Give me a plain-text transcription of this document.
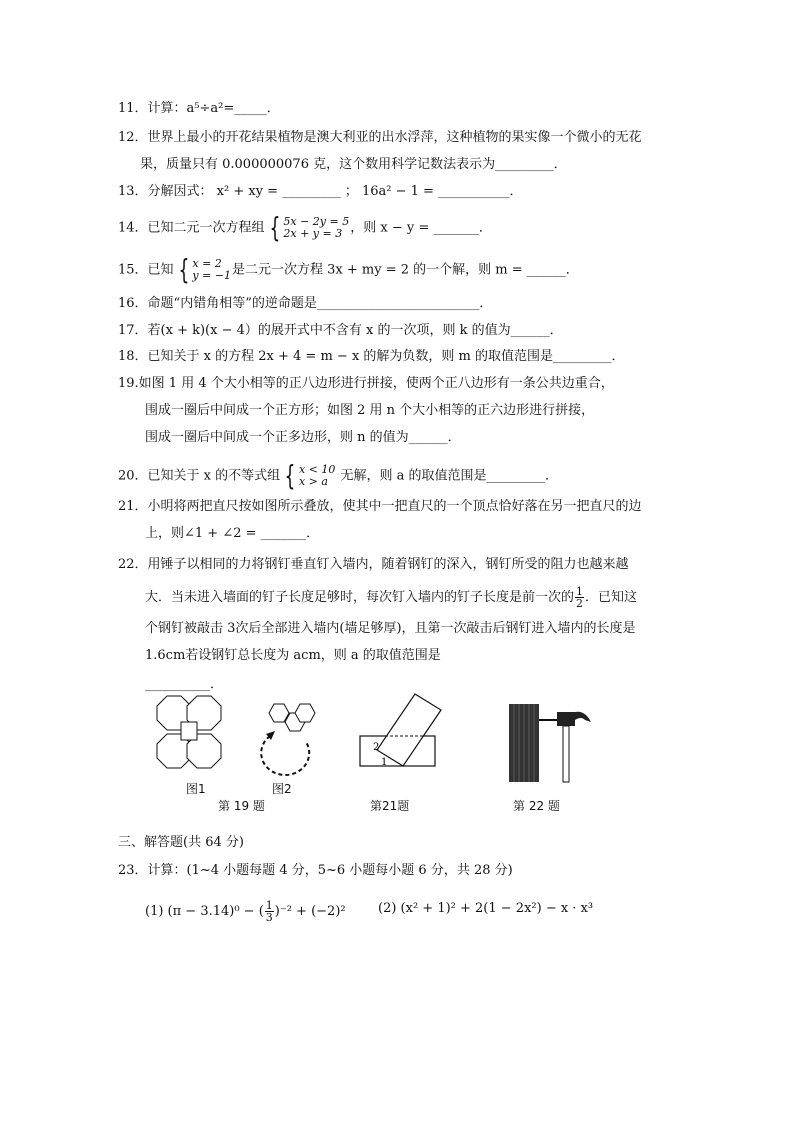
11．计算：a⁵÷a²=_____．
12．世界上最小的开花结果植物是澳大利亚的出水浮萍，这种植物的果实像一个微小的无花
果，质量只有 0.000000076 克，这个数用科学记数法表示为_________．
13．分解因式： x² + xy = _________ ； 16a² − 1 = ___________．
14．已知二元一次方程组 { 5x − 2y = 5
2x + y = 3 ，则 x − y = _______．
15．已知 { x = 2
y = −1 是二元一次方程 3x + my = 2 的一个解，则 m = ______．
16．命题“内错角相等”的逆命题是_________________________．
17．若(x + k)(x − 4）的展开式中不含有 x 的一次项，则 k 的值为______．
18．已知关于 x 的方程 2x + 4 = m − x 的解为负数，则 m 的取值范围是_________．
19.如图 1 用 4 个大小相等的正八边形进行拼接，使两个正八边形有一条公共边重合，
围成一圈后中间成一个正方形；如图 2 用 n 个大小相等的正六边形进行拼接，
围成一圈后中间成一个正多边形，则 n 的值为______．
20．已知关于 x 的不等式组 { x < 10
x > a 无解，则 a 的取值范围是_________．
21．小明将两把直尺按如图所示叠放，使其中一把直尺的一个顶点恰好落在另一把直尺的边
上，则∠1 + ∠2 = _______．
22．用锤子以相同的力将钢钉垂直钉入墙内，随着钢钉的深入，钢钉所受的阻力也越来越
大．当未进入墙面的钉子长度足够时，每次钉入墙内的钉子长度是前一次的 $\frac{1}{2}$ ．已知这
个钢钉被敲击 3次后全部进入墙内(墙足够厚)，且第一次敲击后钢钉进入墙内的长度是
1.6cm若设钢钉总长度为 acm，则 a 的取值范围是
__________．
图1	图2
第 19 题
2
1
第21题	第 22 题
三、解答题(共 64 分)
23．计算：(1~4 小题每题 4 分，5~6 小题每小题 6 分，共 28 分)
(1) (π − 3.14)⁰ − ( $\frac{1}{3} )^{-2} + (-2)^2$ (2) (x² + 1)² + 2(1 − 2x²) − x · x³
